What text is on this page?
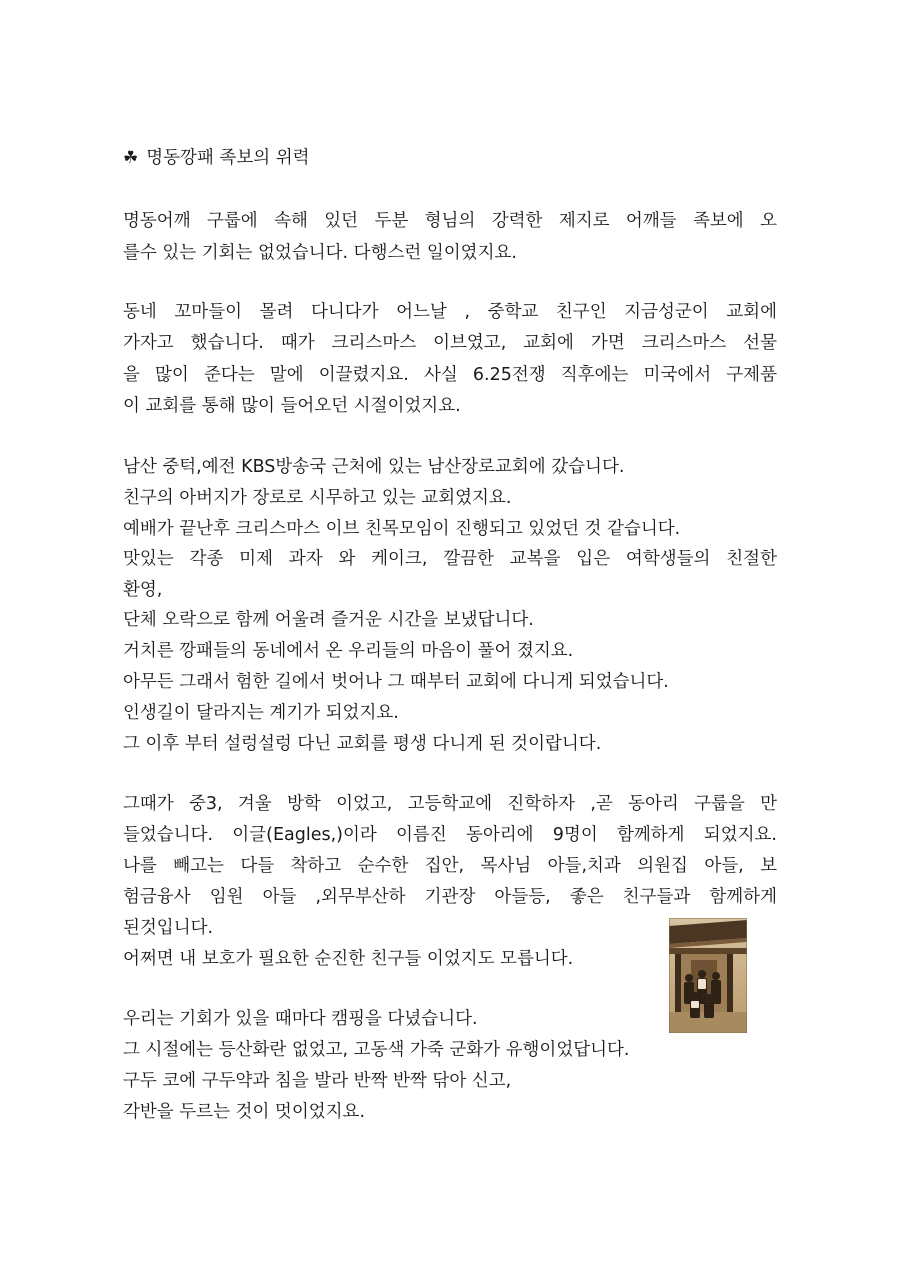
☘ 명동깡패 족보의 위력
명동어깨 구룹에 속해 있던 두분 형님의 강력한 제지로 어깨들 족보에 오
를수 있는 기회는 없었습니다. 다행스런 일이였지요.
동네 꼬마들이 몰려 다니다가 어느날 , 중학교 친구인 지금성군이 교회에
가자고 했습니다. 때가 크리스마스 이브였고, 교회에 가면 크리스마스 선물
을 많이 준다는 말에 이끌렸지요. 사실 6.25전쟁 직후에는 미국에서 구제품
이 교회를 통해 많이 들어오던 시절이었지요.
남산 중턱,예전 KBS방송국 근처에 있는 남산장로교회에 갔습니다.
친구의 아버지가 장로로 시무하고 있는 교회였지요.
예배가 끝난후 크리스마스 이브 친목모임이 진행되고 있었던 것 같습니다.
맛있는 각종 미제 과자 와 케이크, 깔끔한 교복을 입은 여학생들의 친절한
환영,
단체 오락으로 함께 어울려 즐거운 시간을 보냈답니다.
거치른 깡패들의 동네에서 온 우리들의 마음이 풀어 졌지요.
아무든 그래서 험한 길에서 벗어나 그 때부터 교회에 다니게 되었습니다.
인생길이 달라지는 계기가 되었지요.
그 이후 부터 설렁설렁 다닌 교회를 평생 다니게 된 것이랍니다.
그때가 중3, 겨울 방학 이었고, 고등학교에 진학하자 ,곧 동아리 구룹을 만
들었습니다. 이글(Eagles,)이라 이름진 동아리에 9명이 함께하게 되었지요.
나를 빼고는 다들 착하고 순수한 집안, 목사님 아들,치과 의원집 아들, 보
험금융사 임원 아들 ,외무부산하 기관장 아들등, 좋은 친구들과 함께하게
된것입니다.
어쩌면 내 보호가 필요한 순진한 친구들 이었지도 모릅니다.
우리는 기회가 있을 때마다 캠핑을 다녔습니다.
그 시절에는 등산화란 없었고, 고동색 가죽 군화가 유행이었답니다.
구두 코에 구두약과 침을 발라 반짝 반짝 닦아 신고,
각반을 두르는 것이 멋이었지요.
